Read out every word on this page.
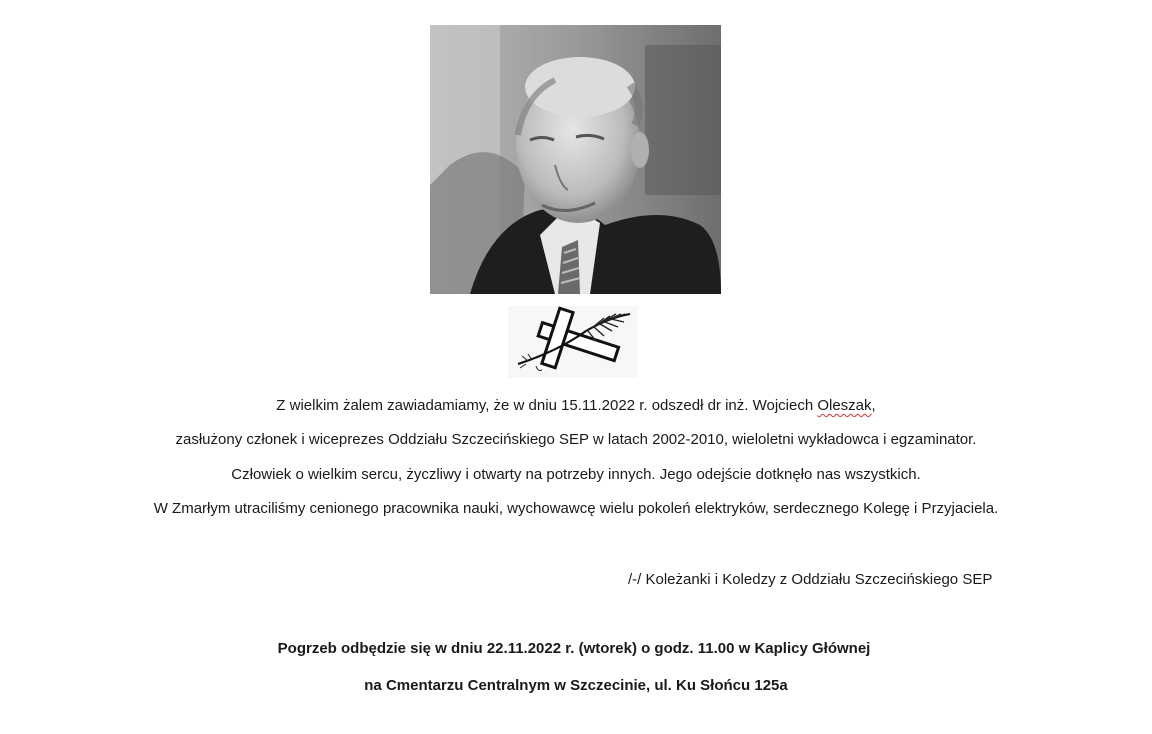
Z wielkim żalem zawiadamiamy, że w dniu 15.11.2022 r. odszedł dr inż. Wojciech Oleszak,
zasłużony członek i wiceprezes Oddziału Szczecińskiego SEP w latach 2002-2010, wieloletni wykładowca i egzaminator.
Człowiek o wielkim sercu, życzliwy i otwarty na potrzeby innych. Jego odejście dotknęło nas wszystkich.
W Zmarłym utraciliśmy cenionego pracownika nauki, wychowawcę wielu pokoleń elektryków, serdecznego Kolegę i Przyjaciela.
/-/ Koleżanki i Koledzy z Oddziału Szczecińskiego SEP
Pogrzeb odbędzie się w dniu 22.11.2022 r. (wtorek) o godz. 11.00 w Kaplicy Głównej
na Cmentarzu Centralnym w Szczecinie, ul. Ku Słońcu 125a
